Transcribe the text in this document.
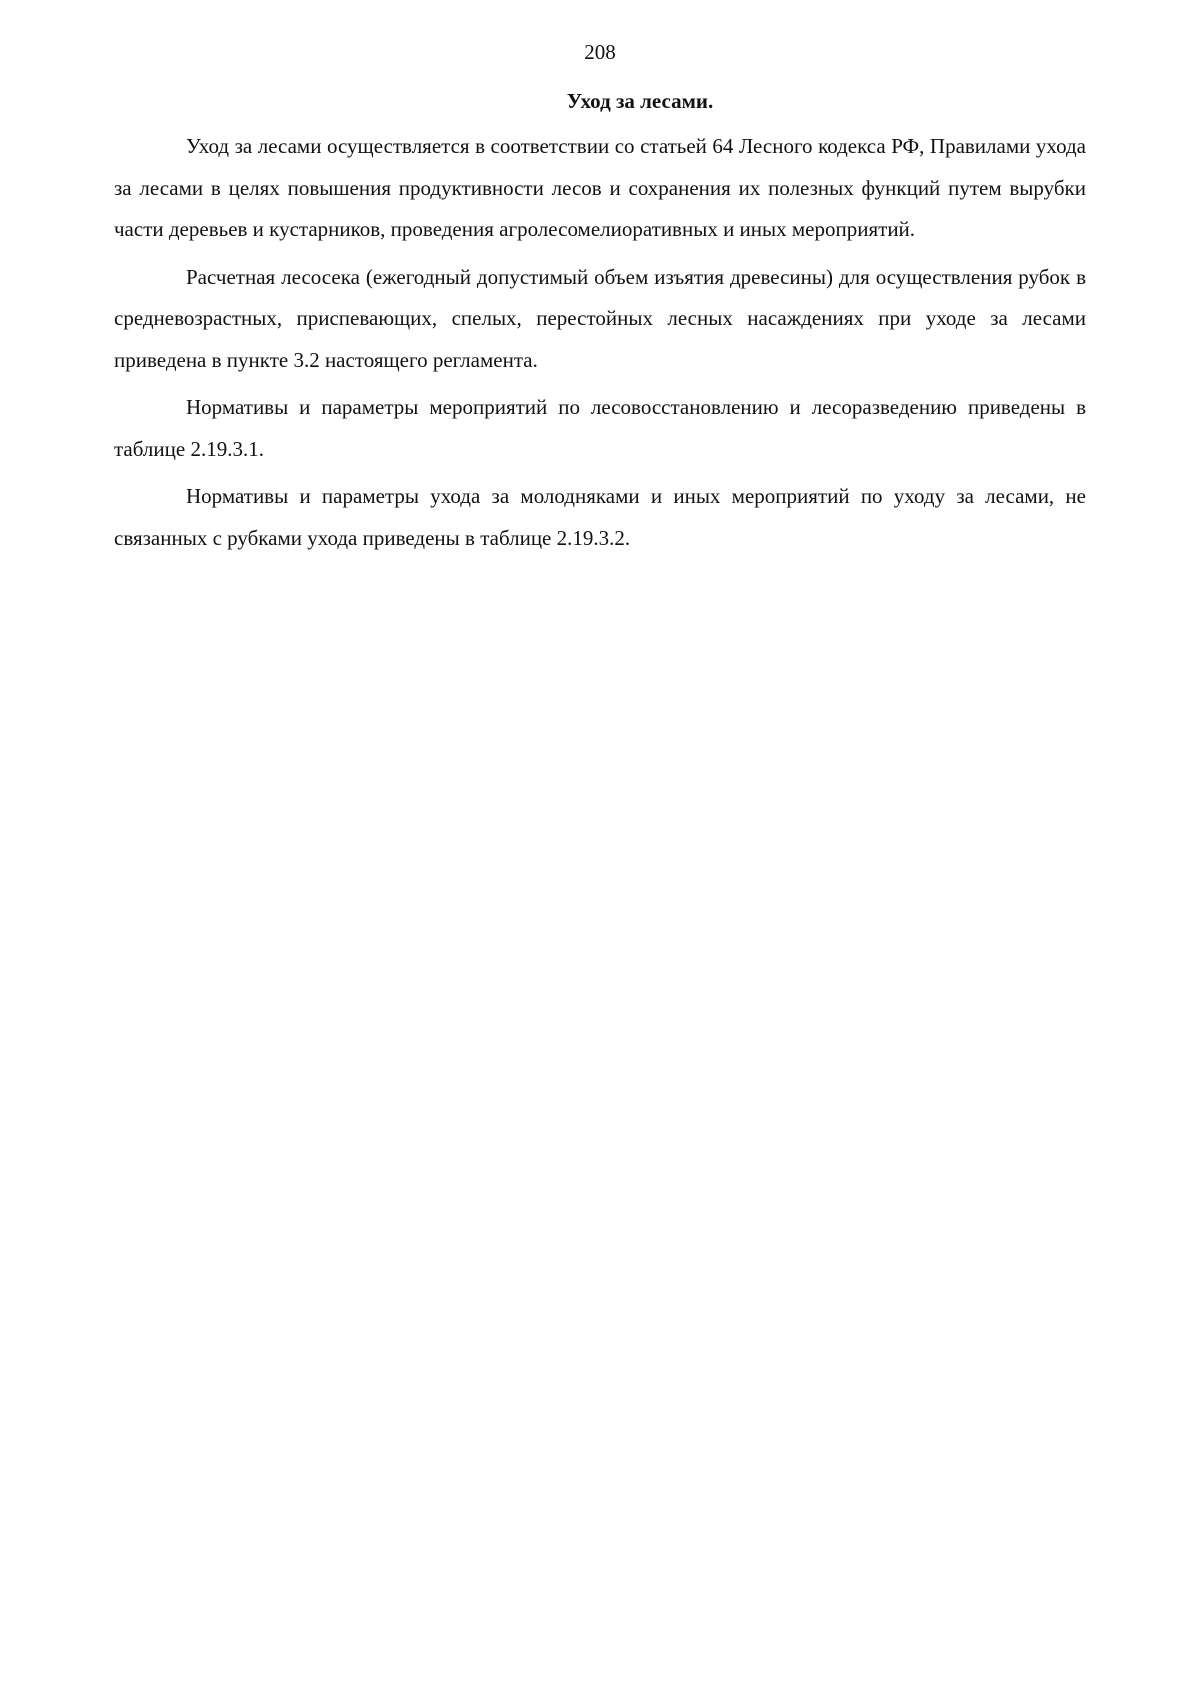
208
Уход за лесами.

Уход за лесами осуществляется в соответствии со статьей 64 Лесного кодекса РФ, Правилами ухода за лесами в целях повышения продуктивности лесов и сохранения их полезных функций путем вырубки части деревьев и кустарников, проведения агролесомелиоративных и иных мероприятий.

Расчетная лесосека (ежегодный допустимый объем изъятия древесины) для осуществления рубок в средневозрастных, приспевающих, спелых, перестойных лесных насаждениях при уходе за лесами приведена в пункте 3.2 настоящего регламента.

Нормативы и параметры мероприятий по лесовосстановлению и лесоразведению приведены в таблице 2.19.3.1.

Нормативы и параметры ухода за молодняками и иных мероприятий по уходу за лесами, не связанных с рубками ухода приведены в таблице 2.19.3.2.
